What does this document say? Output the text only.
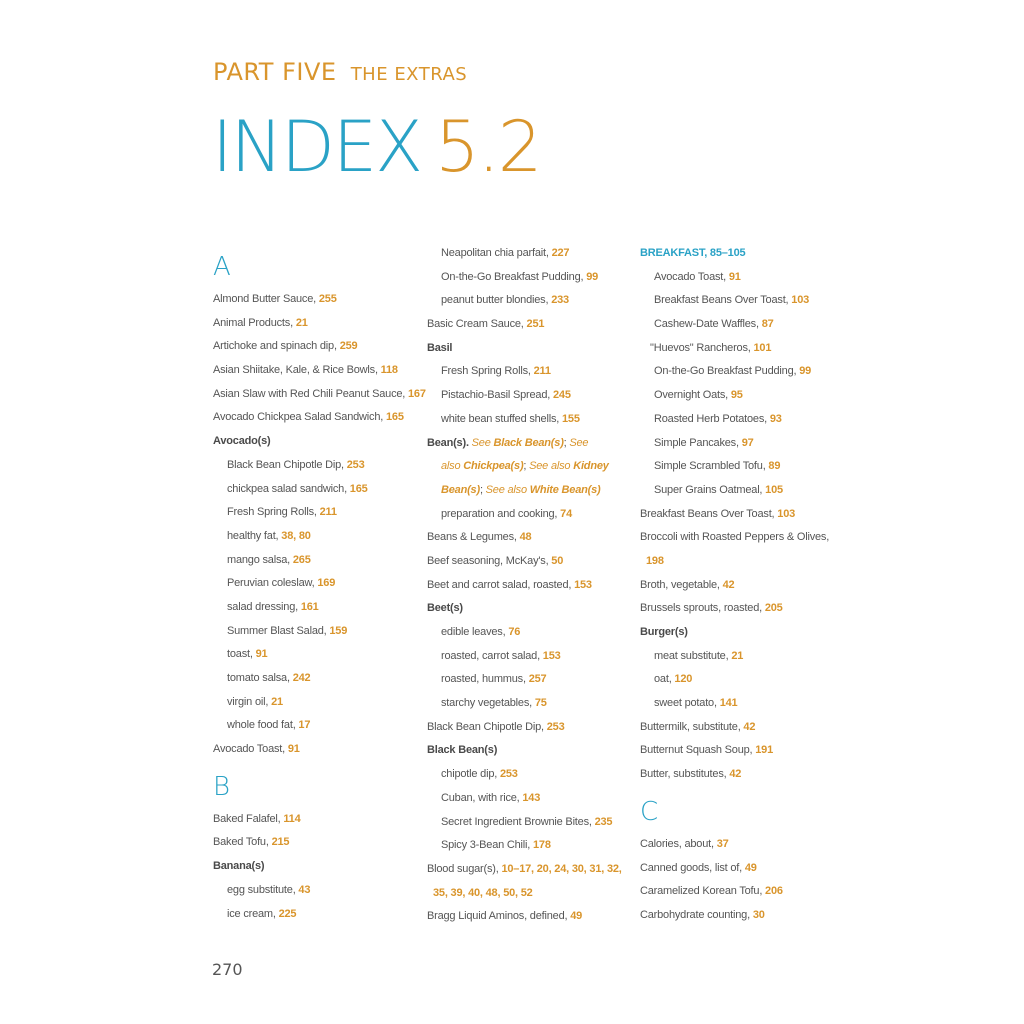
PART FIVE THE EXTRAS
INDEX 5.2
A
Almond Butter Sauce, 255
Animal Products, 21
Artichoke and spinach dip, 259
Asian Shiitake, Kale, & Rice Bowls, 118
Asian Slaw with Red Chili Peanut Sauce, 167
Avocado Chickpea Salad Sandwich, 165
Avocado(s)
Black Bean Chipotle Dip, 253
chickpea salad sandwich, 165
Fresh Spring Rolls, 211
healthy fat, 38, 80
mango salsa, 265
Peruvian coleslaw, 169
salad dressing, 161
Summer Blast Salad, 159
toast, 91
tomato salsa, 242
virgin oil, 21
whole food fat, 17
Avocado Toast, 91
B
Baked Falafel, 114
Baked Tofu, 215
Banana(s)
egg substitute, 43
ice cream, 225
Neapolitan chia parfait, 227
On-the-Go Breakfast Pudding, 99
peanut butter blondies, 233
Basic Cream Sauce, 251
Basil
Fresh Spring Rolls, 211
Pistachio-Basil Spread, 245
white bean stuffed shells, 155
Bean(s). See Black Bean(s); See
also Chickpea(s); See also Kidney
Bean(s); See also White Bean(s)
preparation and cooking, 74
Beans & Legumes, 48
Beef seasoning, McKay's, 50
Beet and carrot salad, roasted, 153
Beet(s)
edible leaves, 76
roasted, carrot salad, 153
roasted, hummus, 257
starchy vegetables, 75
Black Bean Chipotle Dip, 253
Black Bean(s)
chipotle dip, 253
Cuban, with rice, 143
Secret Ingredient Brownie Bites, 235
Spicy 3-Bean Chili, 178
Blood sugar(s), 10–17, 20, 24, 30, 31, 32,
35, 39, 40, 48, 50, 52
Bragg Liquid Aminos, defined, 49
BREAKFAST, 85–105
Avocado Toast, 91
Breakfast Beans Over Toast, 103
Cashew-Date Waffles, 87
"Huevos" Rancheros, 101
On-the-Go Breakfast Pudding, 99
Overnight Oats, 95
Roasted Herb Potatoes, 93
Simple Pancakes, 97
Simple Scrambled Tofu, 89
Super Grains Oatmeal, 105
Breakfast Beans Over Toast, 103
Broccoli with Roasted Peppers & Olives,
198
Broth, vegetable, 42
Brussels sprouts, roasted, 205
Burger(s)
meat substitute, 21
oat, 120
sweet potato, 141
Buttermilk, substitute, 42
Butternut Squash Soup, 191
Butter, substitutes, 42
C
Calories, about, 37
Canned goods, list of, 49
Caramelized Korean Tofu, 206
Carbohydrate counting, 30
270
